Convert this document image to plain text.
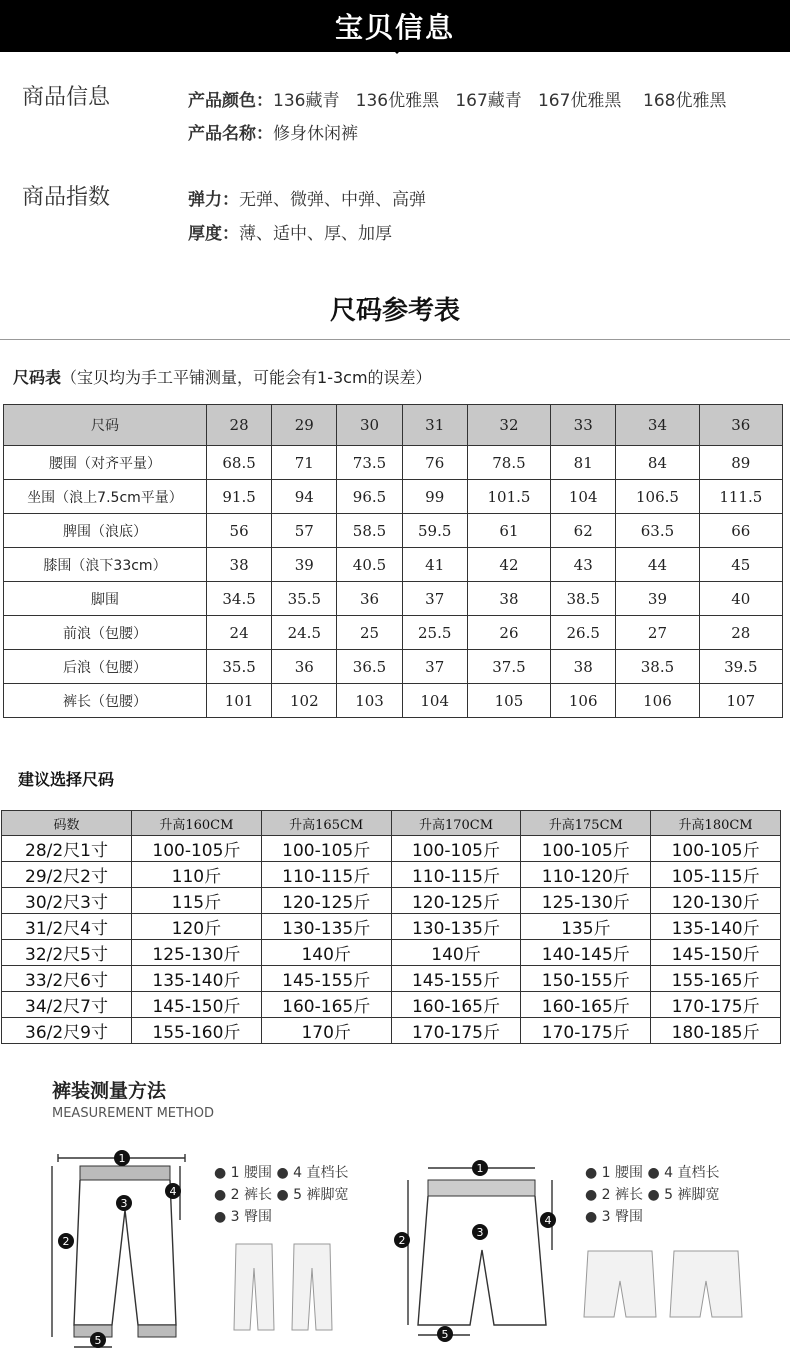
宝贝信息
商品信息	产品颜色：136藏青   136优雅黑   167藏青   167优雅黑    168优雅黑
产品名称：修身休闲裤
商品指数	弹力：无弹、微弹、中弹、高弹
厚度：薄、适中、厚、加厚
尺码参考表
尺码表（宝贝均为手工平铺测量，可能会有1-3cm的误差）
尺码	28	29	30	31	32	33	34	36
腰围（对齐平量）	68.5	71	73.5	76	78.5	81	84	89
坐围（浪上7.5cm平量）	91.5	94	96.5	99	101.5	104	106.5	111.5
脾围（浪底）	56	57	58.5	59.5	61	62	63.5	66
膝围（浪下33cm）	38	39	40.5	41	42	43	44	45
脚围	34.5	35.5	36	37	38	38.5	39	40
前浪（包腰）	24	24.5	25	25.5	26	26.5	27	28
后浪（包腰）	35.5	36	36.5	37	37.5	38	38.5	39.5
裤长（包腰）	101	102	103	104	105	106	106	107
建议选择尺码
码数	升高160CM	升高165CM	升高170CM	升高175CM	升高180CM
28/2尺1寸	100-105斤	100-105斤	100-105斤	100-105斤	100-105斤
29/2尺2寸	110斤	110-115斤	110-115斤	110-120斤	105-115斤
30/2尺3寸	115斤	120-125斤	120-125斤	125-130斤	120-130斤
31/2尺4寸	120斤	130-135斤	130-135斤	135斤	135-140斤
32/2尺5寸	125-130斤	140斤	140斤	140-145斤	145-150斤
33/2尺6寸	135-140斤	145-155斤	145-155斤	150-155斤	155-165斤
34/2尺7寸	145-150斤	160-165斤	160-165斤	160-165斤	170-175斤
36/2尺9寸	155-160斤	170斤	170-175斤	170-175斤	180-185斤
裤装测量方法
MEASUREMENT METHOD
1
2
3
4
5
● 1 腰围 ● 4 直档长
● 2 裤长 ● 5 裤脚宽
● 3 臀围
1
2
3
4
5
● 1 腰围 ● 4 直档长
● 2 裤长 ● 5 裤脚宽
● 3 臀围
